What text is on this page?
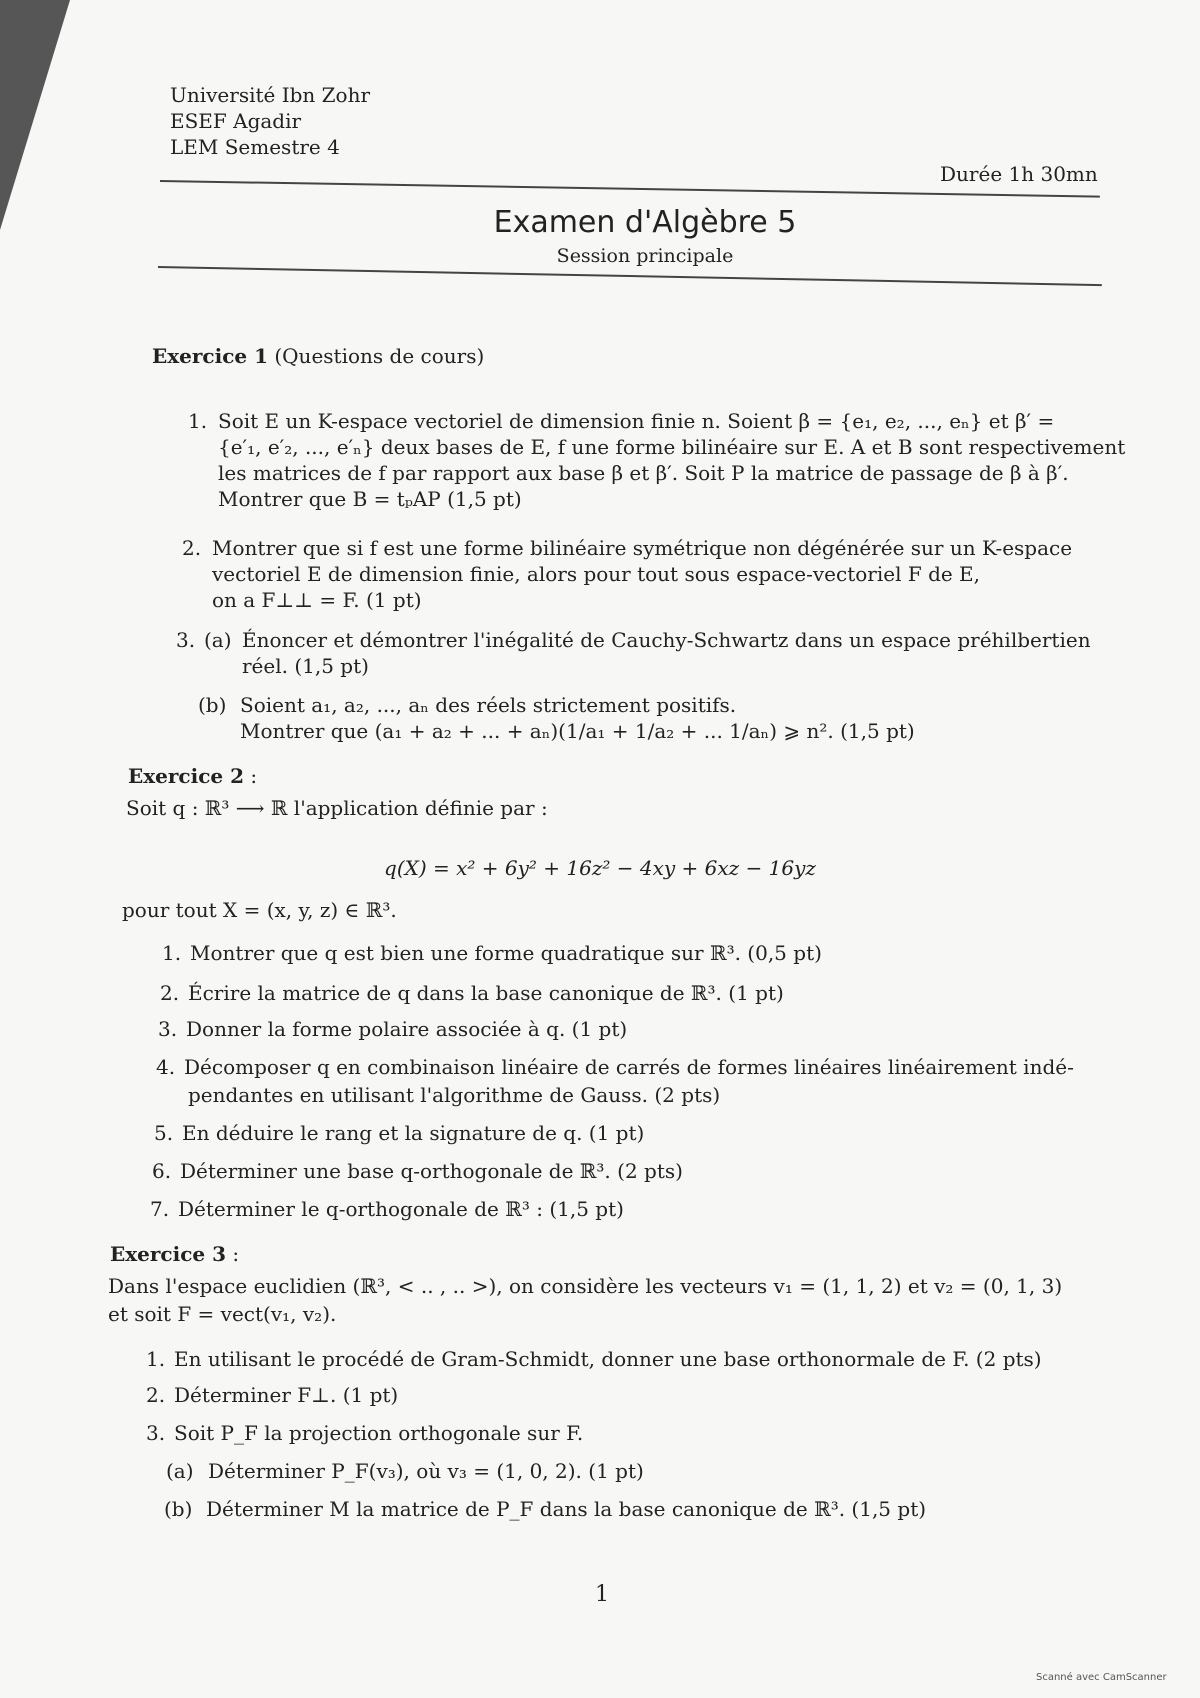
Université Ibn Zohr
ESEF Agadir
LEM Semestre 4
Durée 1h 30mn
Examen d'Algèbre 5
Session principale
Exercice 1 (Questions de cours)
1. Soit E un K-espace vectoriel de dimension finie n. Soient β = {e₁, e₂, ..., eₙ} et β′ =
{e′₁, e′₂, ..., e′ₙ} deux bases de E, f une forme bilinéaire sur E. A et B sont respectivement
les matrices de f par rapport aux base β et β′. Soit P la matrice de passage de β à β′.
Montrer que B = tₚAP (1,5 pt)
2. Montrer que si f est une forme bilinéaire symétrique non dégénérée sur un K-espace
vectoriel E de dimension finie, alors pour tout sous espace-vectoriel F de E,
on a F⊥⊥ = F. (1 pt)
3. (a) Énoncer et démontrer l'inégalité de Cauchy-Schwartz dans un espace préhilbertien
réel. (1,5 pt)
(b) Soient a₁, a₂, ..., aₙ des réels strictement positifs.
Montrer que (a₁ + a₂ + ... + aₙ)(1/a₁ + 1/a₂ + ... 1/aₙ) ⩾ n². (1,5 pt)
Exercice 2 :
Soit q : ℝ³ ⟶ ℝ l'application définie par :
q(X) = x² + 6y² + 16z² − 4xy + 6xz − 16yz
pour tout X = (x, y, z) ∈ ℝ³.
1. Montrer que q est bien une forme quadratique sur ℝ³. (0,5 pt)
2. Écrire la matrice de q dans la base canonique de ℝ³. (1 pt)
3. Donner la forme polaire associée à q. (1 pt)
4. Décomposer q en combinaison linéaire de carrés de formes linéaires linéairement indé-
pendantes en utilisant l'algorithme de Gauss. (2 pts)
5. En déduire le rang et la signature de q. (1 pt)
6. Déterminer une base q-orthogonale de ℝ³. (2 pts)
7. Déterminer le q-orthogonale de ℝ³ : (1,5 pt)
Exercice 3 :
Dans l'espace euclidien (ℝ³, < .. , .. >), on considère les vecteurs v₁ = (1, 1, 2) et v₂ = (0, 1, 3)
et soit F = vect(v₁, v₂).
1. En utilisant le procédé de Gram-Schmidt, donner une base orthonormale de F. (2 pts)
2. Déterminer F⊥. (1 pt)
3. Soit P_F la projection orthogonale sur F.
(a) Déterminer P_F(v₃), où v₃ = (1, 0, 2). (1 pt)
(b) Déterminer M la matrice de P_F dans la base canonique de ℝ³. (1,5 pt)
1
Scanné avec CamScanner
